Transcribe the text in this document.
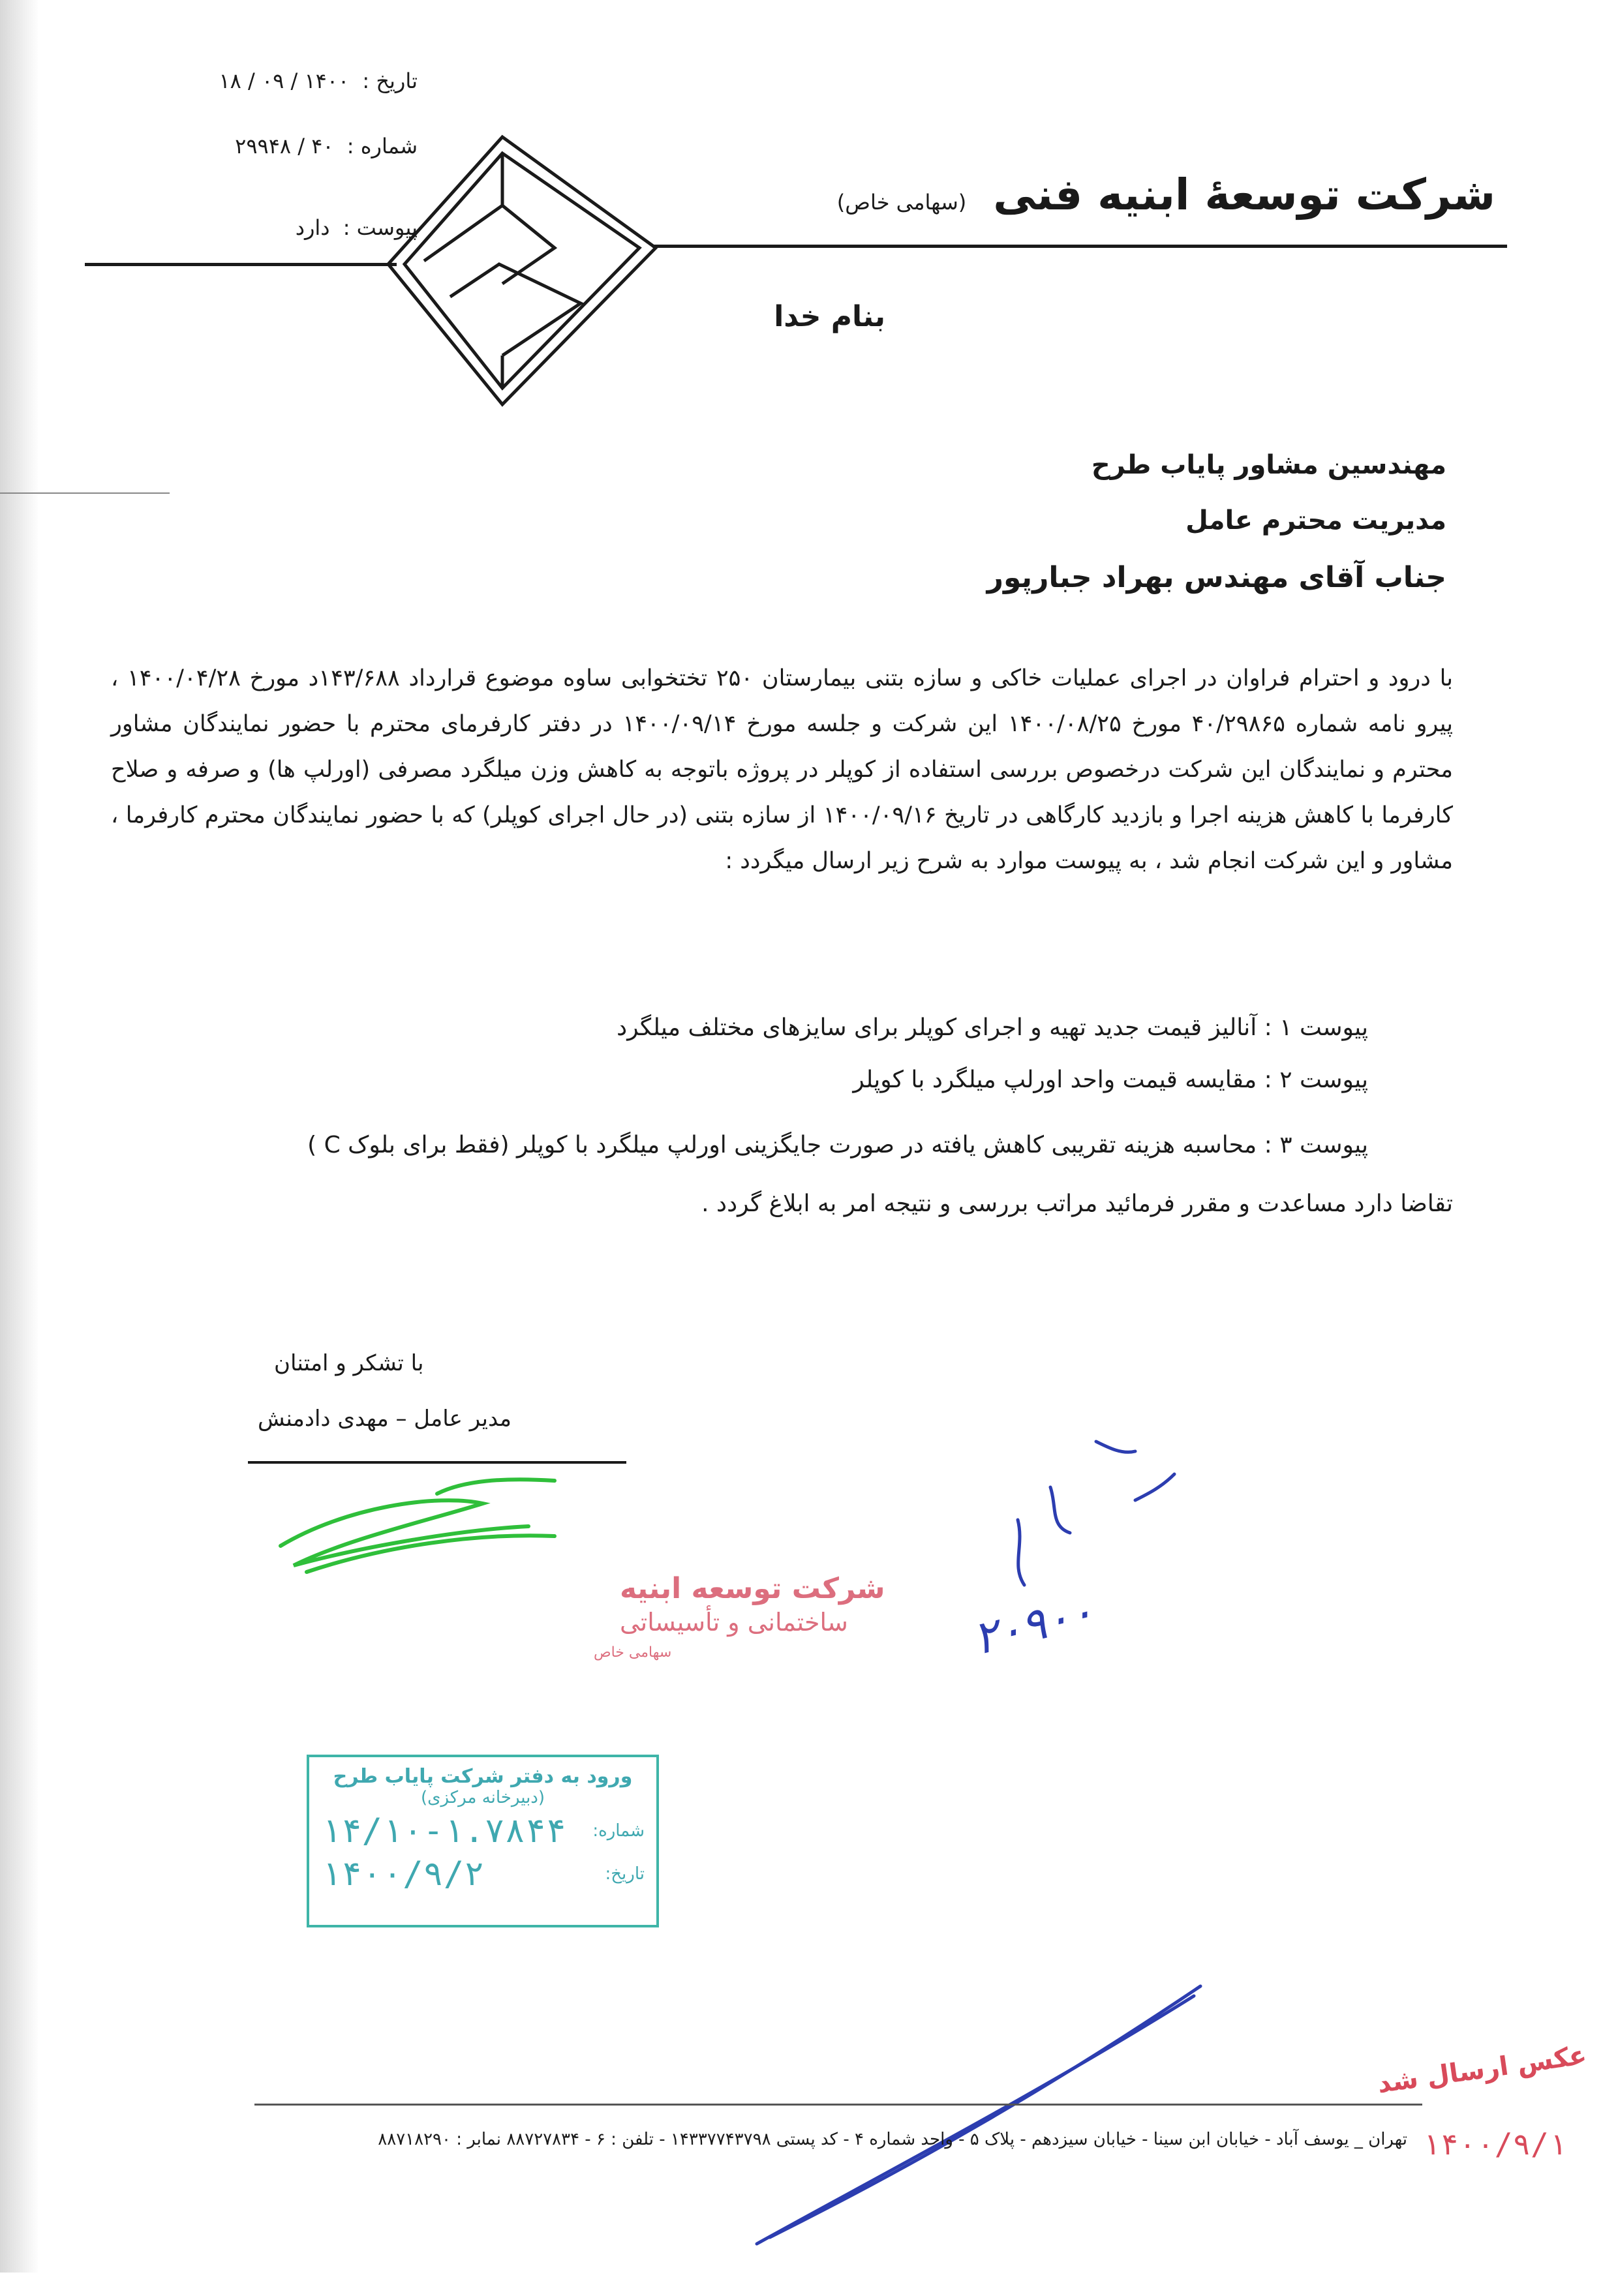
تاریخ : ۱۴۰۰ / ۰۹ / ۱۸
شماره : ۴۰ / ۲۹۹۴۸
پیوست : دارد
شرکت توسعهٔ ابنیه فنی (سهامی خاص)
بنام خدا
مهندسین مشاور پایاب طرح
مدیریت محترم عامل
جناب آقای مهندس بهراد جبارپور
با درود و احترام فراوان در اجرای عملیات خاکی و سازه بتنی بیمارستان ۲۵۰ تختخوابی ساوه موضوع قرارداد ۱۴۳/۶۸۸د مورخ ۱۴۰۰/۰۴/۲۸ ، پیرو نامه شماره ۴۰/۲۹۸۶۵ مورخ ۱۴۰۰/۰۸/۲۵ این شرکت و جلسه مورخ ۱۴۰۰/۰۹/۱۴ در دفتر کارفرمای محترم با حضور نمایندگان مشاور محترم و نمایندگان این شرکت درخصوص بررسی استفاده از کوپلر در پروژه باتوجه به کاهش وزن میلگرد مصرفی (اورلپ ها) و صرفه و صلاح کارفرما با کاهش هزینه اجرا و بازدید کارگاهی در تاریخ ۱۴۰۰/۰۹/۱۶ از سازه بتنی (در حال اجرای کوپلر) که با حضور نمایندگان محترم کارفرما ، مشاور و این شرکت انجام شد ، به پیوست موارد به شرح زیر ارسال میگردد :
پیوست ۱ : آنالیز قیمت جدید تهیه و اجرای کوپلر برای سایزهای مختلف میلگرد
پیوست ۲ : مقایسه قیمت واحد اورلپ میلگرد با کوپلر
پیوست ۳ : محاسبه هزینه تقریبی کاهش یافته در صورت جایگزینی اورلپ میلگرد با کوپلر (فقط برای بلوک C )
تقاضا دارد مساعدت و مقرر فرمائید مراتب بررسی و نتیجه امر به ابلاغ گردد .
با تشکر و امتنان
مدیر عامل – مهدی دادمنش
شرکت توسعه ابنیه
ساختمانی و تأسیساتی
سهامی خاص
ورود به دفتر شرکت پایاب طرح
(دبیرخانه مرکزی)
شماره:
۱۴/۱۰-۱.۷۸۴۴
تاریخ:
۱۴۰۰/۹/۲
۲۰۹۰۰
عکس ارسال شد
۱۴۰۰/۹/۱
تهران _ یوسف آباد - خیابان ابن سینا - خیابان سیزدهم - پلاک ۵ - واحد شماره ۴ - کد پستی ۱۴۳۳۷۷۴۳۷۹۸ - تلفن : ۶ - ۸۸۷۲۷۸۳۴ نمابر : ۸۸۷۱۸۲۹۰
